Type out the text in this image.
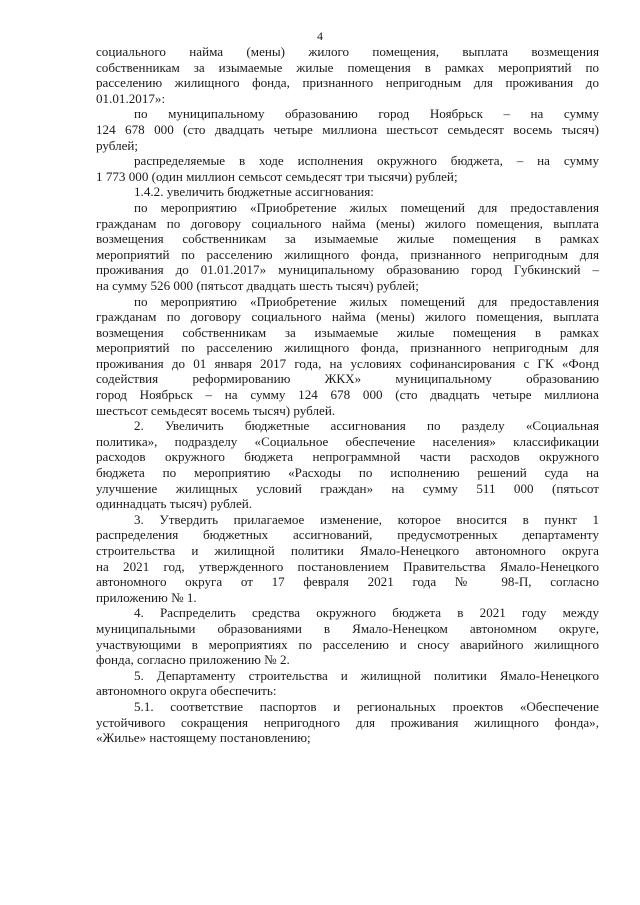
4
социального найма (мены) жилого помещения, выплата возмещения
собственникам за изымаемые жилые помещения в рамках мероприятий по
расселению жилищного фонда, признанного непригодным для проживания до
01.01.2017»:
по муниципальному образованию город Ноябрьск – на сумму
124 678 000 (сто двадцать четыре миллиона шестьсот семьдесят восемь тысяч)
рублей;
распределяемые в ходе исполнения окружного бюджета, – на сумму
1 773 000 (один миллион семьсот семьдесят три тысячи) рублей;
1.4.2. увеличить бюджетные ассигнования:
по мероприятию «Приобретение жилых помещений для предоставления
гражданам по договору социального найма (мены) жилого помещения, выплата
возмещения собственникам за изымаемые жилые помещения в рамках
мероприятий по расселению жилищного фонда, признанного непригодным для
проживания до 01.01.2017» муниципальному образованию город Губкинский –
на сумму 526 000 (пятьсот двадцать шесть тысяч) рублей;
по мероприятию «Приобретение жилых помещений для предоставления
гражданам по договору социального найма (мены) жилого помещения, выплата
возмещения собственникам за изымаемые жилые помещения в рамках
мероприятий по расселению жилищного фонда, признанного непригодным для
проживания до 01 января 2017 года, на условиях софинансирования с ГК «Фонд
содействия реформированию ЖКХ» муниципальному образованию
город Ноябрьск – на сумму 124 678 000 (сто двадцать четыре миллиона
шестьсот семьдесят восемь тысяч) рублей.
2. Увеличить бюджетные ассигнования по разделу «Социальная
политика», подразделу «Социальное обеспечение населения» классификации
расходов окружного бюджета непрограммной части расходов окружного
бюджета по мероприятию «Расходы по исполнению решений суда на
улучшение жилищных условий граждан» на сумму 511 000 (пятьсот
одиннадцать тысяч) рублей.
3. Утвердить прилагаемое изменение, которое вносится в пункт 1
распределения бюджетных ассигнований, предусмотренных департаменту
строительства и жилищной политики Ямало-Ненецкого автономного округа
на 2021 год, утвержденного постановлением Правительства Ямало-Ненецкого
автономного округа от 17 февраля 2021 года № 98-П, согласно
приложению № 1.
4. Распределить средства окружного бюджета в 2021 году между
муниципальными образованиями в Ямало-Ненецком автономном округе,
участвующими в мероприятиях по расселению и сносу аварийного жилищного
фонда, согласно приложению № 2.
5. Департаменту строительства и жилищной политики Ямало-Ненецкого
автономного округа обеспечить:
5.1. соответствие паспортов и региональных проектов «Обеспечение
устойчивого сокращения непригодного для проживания жилищного фонда»,
«Жилье» настоящему постановлению;
